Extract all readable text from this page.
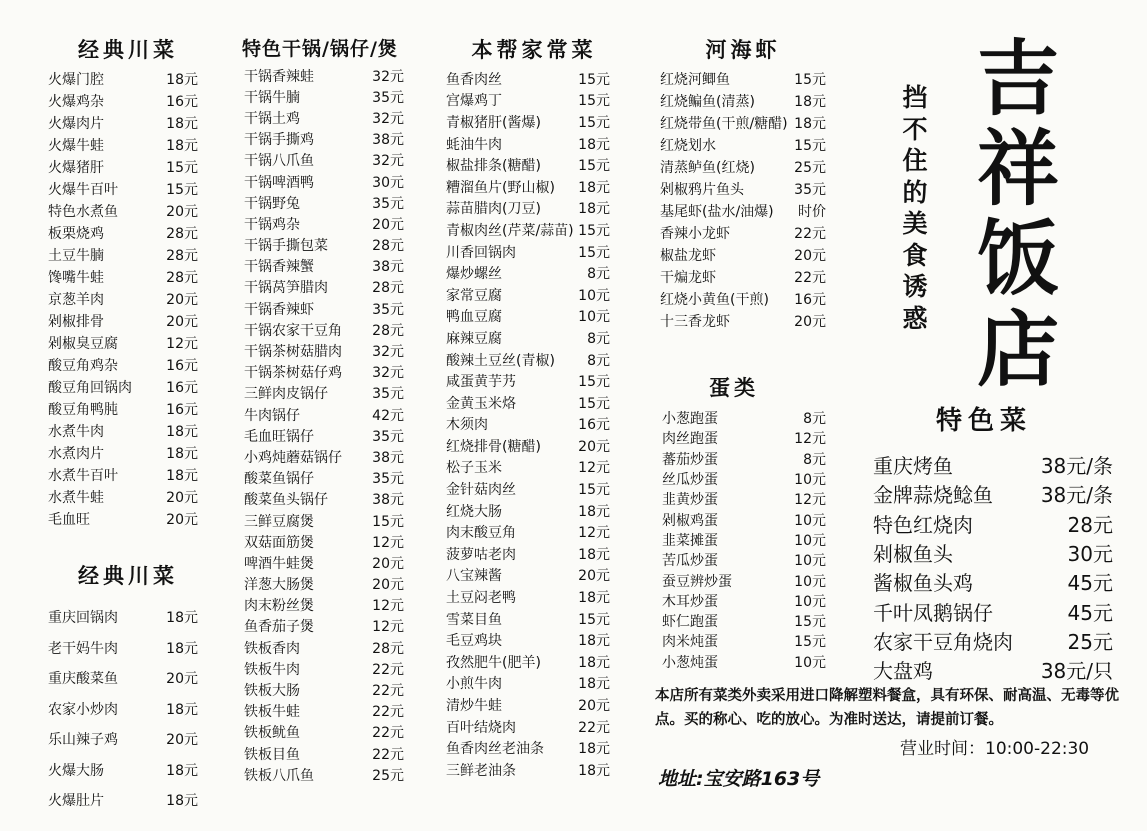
经典川菜
火爆门腔	18元
火爆鸡杂	16元
火爆肉片	18元
火爆牛蛙	18元
火爆猪肝	15元
火爆牛百叶	15元
特色水煮鱼	20元
板栗烧鸡	28元
土豆牛腩	28元
馋嘴牛蛙	28元
京葱羊肉	20元
剁椒排骨	20元
剁椒臭豆腐	12元
酸豆角鸡杂	16元
酸豆角回锅肉	16元
酸豆角鸭肫	16元
水煮牛肉	18元
水煮肉片	18元
水煮牛百叶	18元
水煮牛蛙	20元
毛血旺	20元
经典川菜
重庆回锅肉	18元
老干妈牛肉	18元
重庆酸菜鱼	20元
农家小炒肉	18元
乐山辣子鸡	20元
火爆大肠	18元
火爆肚片	18元
特色干锅/锅仔/煲
干锅香辣蛙	32元
干锅牛腩	35元
干锅土鸡	32元
干锅手撕鸡	38元
干锅八爪鱼	32元
干锅啤酒鸭	30元
干锅野兔	35元
干锅鸡杂	20元
干锅手撕包菜	28元
干锅香辣蟹	38元
干锅莴笋腊肉	28元
干锅香辣虾	35元
干锅农家干豆角	28元
干锅茶树菇腊肉	32元
干锅茶树菇仔鸡	32元
三鲜肉皮锅仔	35元
牛肉锅仔	42元
毛血旺锅仔	35元
小鸡炖蘑菇锅仔	38元
酸菜鱼锅仔	35元
酸菜鱼头锅仔	38元
三鲜豆腐煲	15元
双菇面筋煲	12元
啤酒牛蛙煲	20元
洋葱大肠煲	20元
肉末粉丝煲	12元
鱼香茄子煲	12元
铁板香肉	28元
铁板牛肉	22元
铁板大肠	22元
铁板牛蛙	22元
铁板鱿鱼	22元
铁板目鱼	22元
铁板八爪鱼	25元
本帮家常菜
鱼香肉丝	15元
宫爆鸡丁	15元
青椒猪肝(酱爆)	15元
蚝油牛肉	18元
椒盐排条(糖醋)	15元
糟溜鱼片(野山椒)	18元
蒜苗腊肉(刀豆)	18元
青椒肉丝(芹菜/蒜苗) 15元
川香回锅肉	15元
爆炒螺丝	8元
家常豆腐	10元
鸭血豆腐	10元
麻辣豆腐	8元
酸辣土豆丝(青椒)	8元
咸蛋黄芋艿	15元
金黄玉米烙	15元
木须肉	16元
红烧排骨(糖醋)	20元
松子玉米	12元
金针菇肉丝	15元
红烧大肠	18元
肉末酸豆角	12元
菠萝咕老肉	18元
八宝辣酱	20元
土豆闷老鸭	18元
雪菜目鱼	15元
毛豆鸡块	18元
孜然肥牛(肥羊)	18元
小煎牛肉	18元
清炒牛蛙	20元
百叶结烧肉	22元
鱼香肉丝老油条	18元
三鲜老油条	18元
河海虾
红烧河鲫鱼	15元
红烧鳊鱼(清蒸)	18元
红烧带鱼(干煎/糖醋) 18元
红烧划水	15元
清蒸鲈鱼(红烧)	25元
剁椒鸦片鱼头	35元
基尾虾(盐水/油爆)	时价
香辣小龙虾	22元
椒盐龙虾	20元
干煸龙虾	22元
红烧小黄鱼(干煎)	16元
十三香龙虾	20元
蛋类
小葱跑蛋	8元
肉丝跑蛋	12元
蕃茄炒蛋	8元
丝瓜炒蛋	10元
韭黄炒蛋	12元
剁椒鸡蛋	10元
韭菜摊蛋	10元
苦瓜炒蛋	10元
蚕豆辨炒蛋	10元
木耳炒蛋	10元
虾仁跑蛋	15元
肉米炖蛋	15元
小葱炖蛋	10元
挡
不
住
的
美
食
诱
惑
吉
祥
饭
店
特色菜
重庆烤鱼	38元/条
金牌蒜烧鲶鱼	38元/条
特色红烧肉	28元
剁椒鱼头	30元
酱椒鱼头鸡	45元
千叶凤鹅锅仔	45元
农家干豆角烧肉	25元
大盘鸡	38元/只
本店所有菜类外卖采用进口降解塑料餐盒，具有环保、耐高温、无毒等优点。买的称心、吃的放心。为准时送达，请提前订餐。
营业时间：10:00-22:30
地址:宝安路163号
